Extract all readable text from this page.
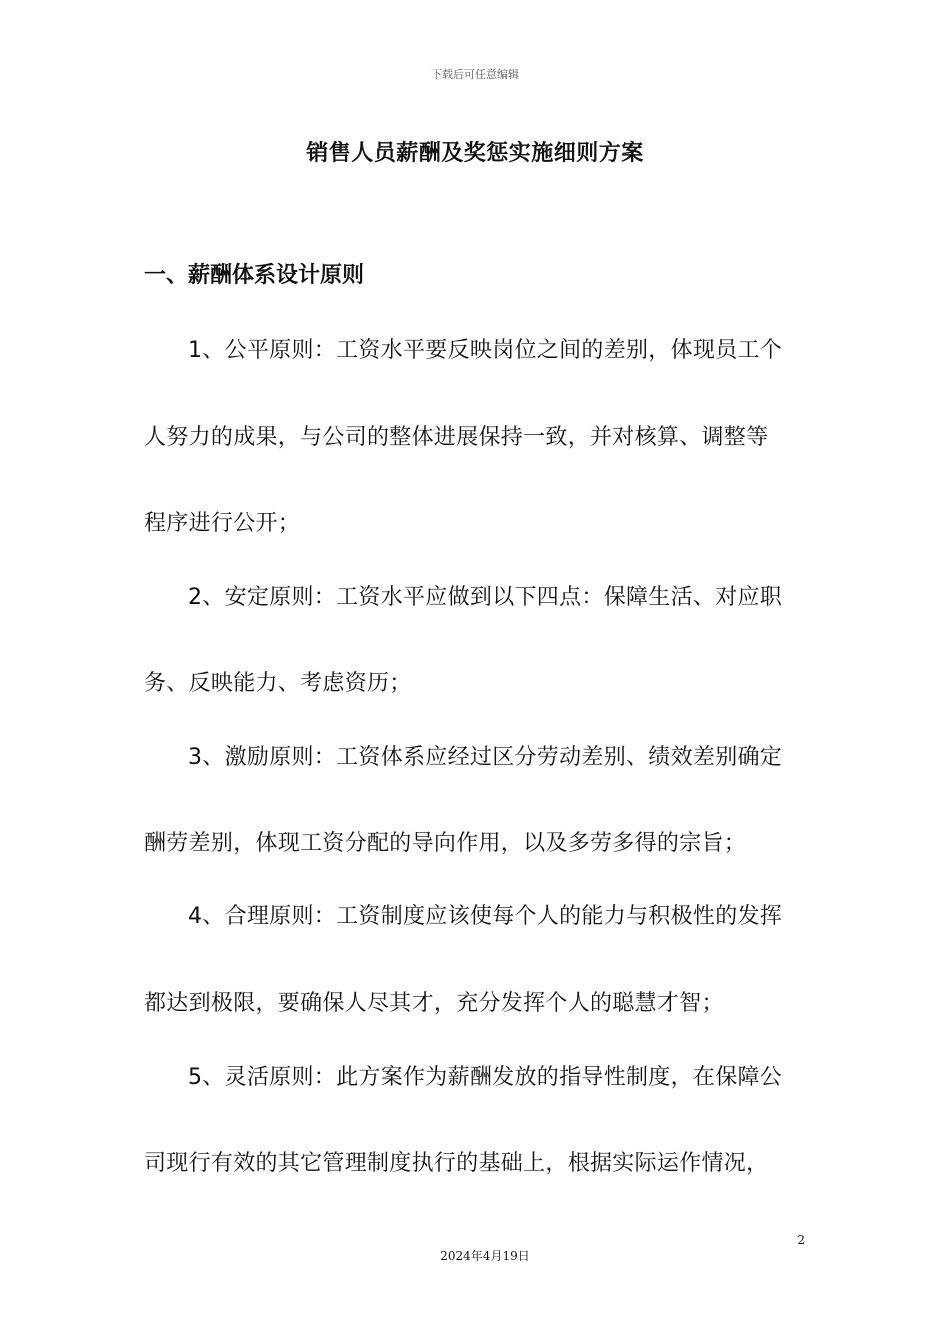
下载后可任意编辑
销售人员薪酬及奖惩实施细则方案
一、薪酬体系设计原则
1、公平原则：工资水平要反映岗位之间的差别，体现员工个
人努力的成果，与公司的整体进展保持一致，并对核算、调整等
程序进行公开；
2、安定原则：工资水平应做到以下四点：保障生活、对应职
务、反映能力、考虑资历；
3、激励原则：工资体系应经过区分劳动差别、绩效差别确定
酬劳差别，体现工资分配的导向作用，以及多劳多得的宗旨；
4、合理原则：工资制度应该使每个人的能力与积极性的发挥
都达到极限，要确保人尽其才，充分发挥个人的聪慧才智；
5、灵活原则：此方案作为薪酬发放的指导性制度，在保障公
司现行有效的其它管理制度执行的基础上，根据实际运作情况，
2
2024年4月19日
